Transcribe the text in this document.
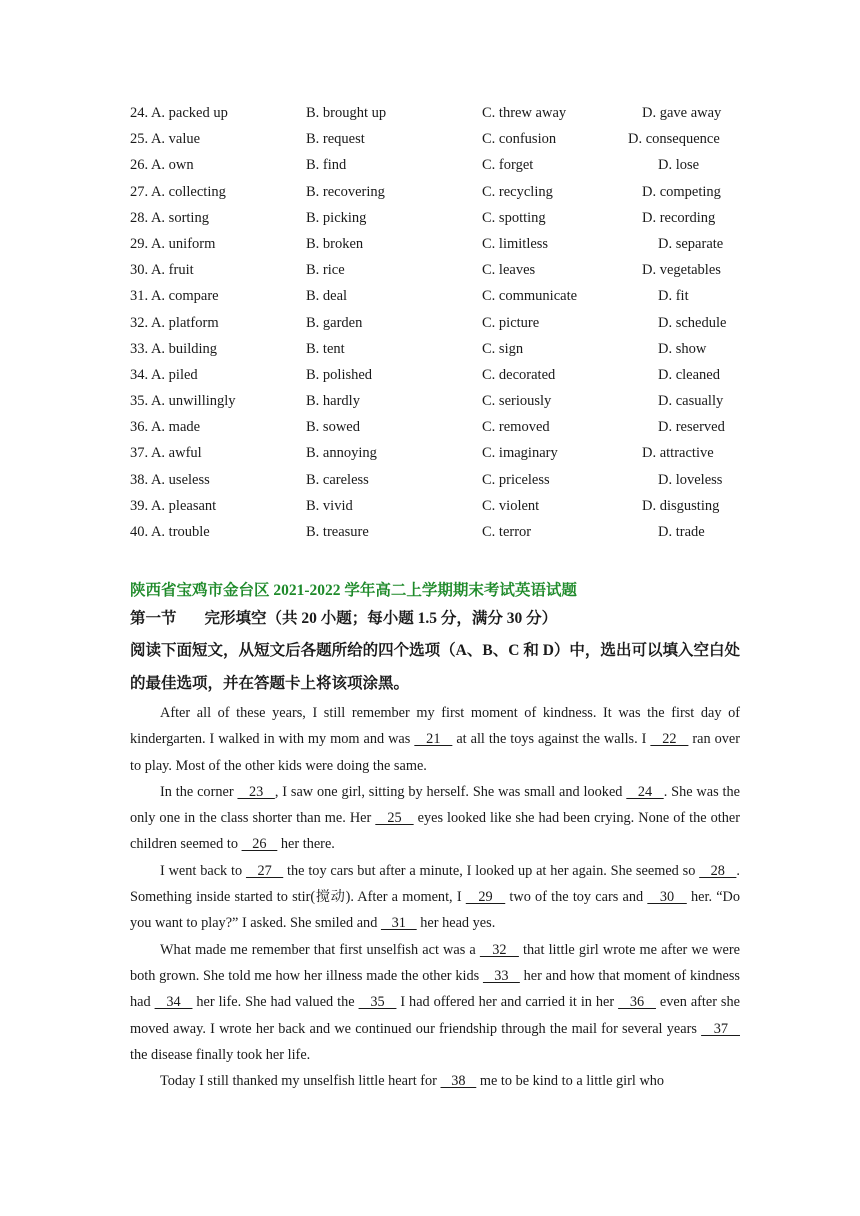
24. A. packed up	B. brought up	C. threw away	D. gave away
25. A. value	B. request	C. confusion	D. consequence
26. A. own	B. find	C. forget	D. lose
27. A. collecting	B. recovering	C. recycling	D. competing
28. A. sorting	B. picking	C. spotting	D. recording
29. A. uniform	B. broken	C. limitless	D. separate
30. A. fruit	B. rice	C. leaves	D. vegetables
31. A. compare	B. deal	C. communicate	D. fit
32. A. platform	B. garden	C. picture	D. schedule
33. A. building	B. tent	C. sign	D. show
34. A. piled	B. polished	C. decorated	D. cleaned
35. A. unwillingly	B. hardly	C. seriously	D. casually
36. A. made	B. sowed	C. removed	D. reserved
37. A. awful	B. annoying	C. imaginary	D. attractive
38. A. useless	B. careless	C. priceless	D. loveless
39. A. pleasant	B. vivid	C. violent	D. disgusting
40. A. trouble	B. treasure	C. terror	D. trade

陕西省宝鸡市金台区 2021-2022 学年高二上学期期末考试英语试题

第一节 完形填空（共 20 小题；每小题 1.5 分，满分 30 分）

阅读下面短文，从短文后各题所给的四个选项（A、B、C 和 D）中，选出可以填入空白处的最佳选项，并在答题卡上将该项涂黑。

After all of these years, I still remember my first moment of kindness. It was the first day of kindergarten. I walked in with my mom and was    21    at all the toys against the walls. I    22    ran over to play. Most of the other kids were doing the same.

In the corner    23   , I saw one girl, sitting by herself. She was small and looked    24   . She was the only one in the class shorter than me. Her    25    eyes looked like she had been crying. None of the other children seemed to    26    her there.

I went back to    27    the toy cars but after a minute, I looked up at her again. She seemed so    28   . Something inside started to stir(搅动). After a moment, I    29    two of the toy cars and    30    her. “Do you want to play?” I asked. She smiled and    31    her head yes.

What made me remember that first unselfish act was a    32    that little girl wrote me after we were both grown. She told me how her illness made the other kids    33    her and how that moment of kindness had    34    her life. She had valued the    35    I had offered her and carried it in her    36    even after she moved away. I wrote her back and we continued our friendship through the mail for several years    37    the disease finally took her life.

Today I still thanked my unselfish little heart for    38    me to be kind to a little girl who
